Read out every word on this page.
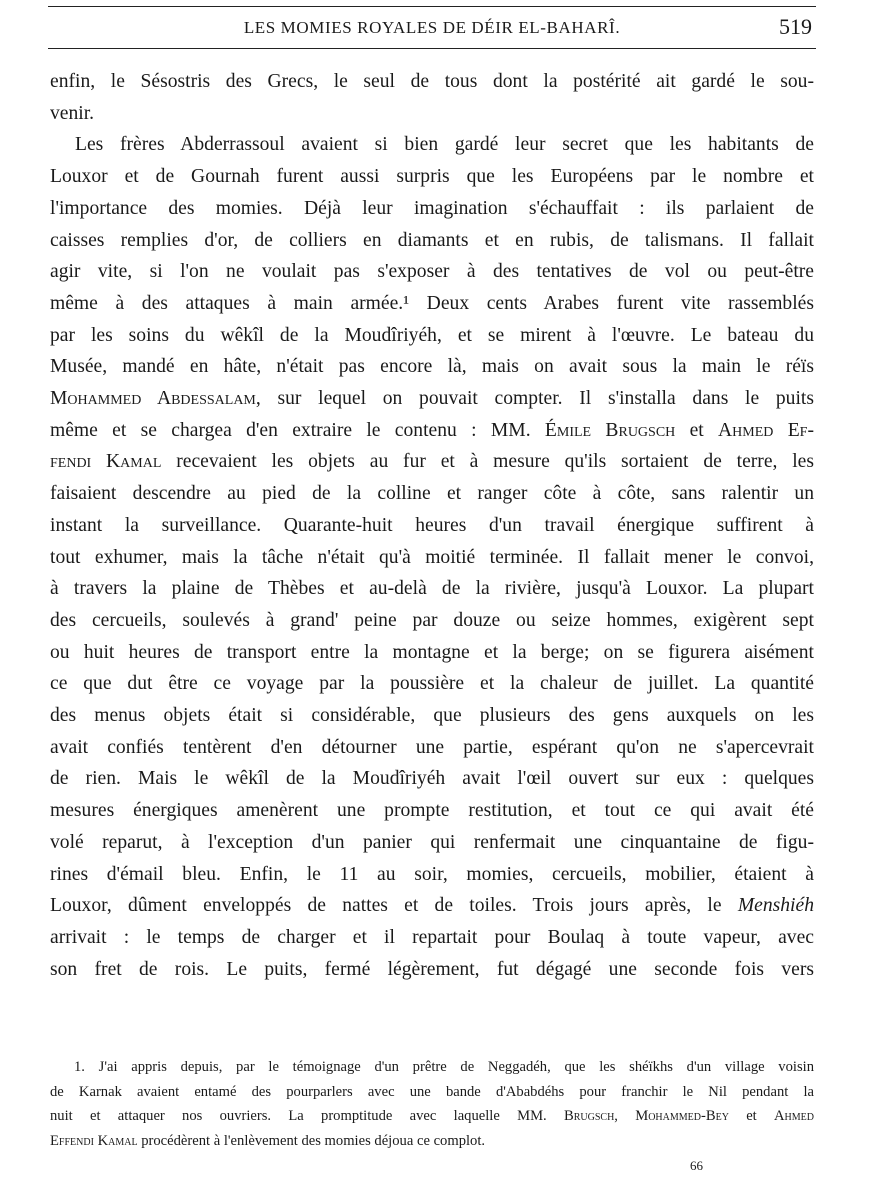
LES MOMIES ROYALES DE DÉIR EL-BAHARÎ.	519
enfin, le Sésostris des Grecs, le seul de tous dont la postérité ait gardé le sou-
venir.
Les frères Abderrassoul avaient si bien gardé leur secret que les habitants de
Louxor et de Gournah furent aussi surpris que les Européens par le nombre et
l'importance des momies. Déjà leur imagination s'échauffait : ils parlaient de
caisses remplies d'or, de colliers en diamants et en rubis, de talismans. Il fallait
agir vite, si l'on ne voulait pas s'exposer à des tentatives de vol ou peut-être
même à des attaques à main armée.¹ Deux cents Arabes furent vite rassemblés
par les soins du wêkîl de la Moudîriyéh, et se mirent à l'œuvre. Le bateau du
Musée, mandé en hâte, n'était pas encore là, mais on avait sous la main le réïs
Mohammed Abdessalam, sur lequel on pouvait compter. Il s'installa dans le puits
même et se chargea d'en extraire le contenu : MM. Émile Brugsch et Ahmed Ef-
fendi Kamal recevaient les objets au fur et à mesure qu'ils sortaient de terre, les
faisaient descendre au pied de la colline et ranger côte à côte, sans ralentir un
instant la surveillance. Quarante-huit heures d'un travail énergique suffirent à
tout exhumer, mais la tâche n'était qu'à moitié terminée. Il fallait mener le convoi,
à travers la plaine de Thèbes et au-delà de la rivière, jusqu'à Louxor. La plupart
des cercueils, soulevés à grand' peine par douze ou seize hommes, exigèrent sept
ou huit heures de transport entre la montagne et la berge; on se figurera aisément
ce que dut être ce voyage par la poussière et la chaleur de juillet. La quantité
des menus objets était si considérable, que plusieurs des gens auxquels on les
avait confiés tentèrent d'en détourner une partie, espérant qu'on ne s'apercevrait
de rien. Mais le wêkîl de la Moudîriyéh avait l'œil ouvert sur eux : quelques
mesures énergiques amenèrent une prompte restitution, et tout ce qui avait été
volé reparut, à l'exception d'un panier qui renfermait une cinquantaine de figu-
rines d'émail bleu. Enfin, le 11 au soir, momies, cercueils, mobilier, étaient à
Louxor, dûment enveloppés de nattes et de toiles. Trois jours après, le Menshiéh
arrivait : le temps de charger et il repartait pour Boulaq à toute vapeur, avec
son fret de rois. Le puits, fermé légèrement, fut dégagé une seconde fois vers
1. J'ai appris depuis, par le témoignage d'un prêtre de Neggadéh, que les shéïkhs d'un village voisin
de Karnak avaient entamé des pourparlers avec une bande d'Ababdéhs pour franchir le Nil pendant la
nuit et attaquer nos ouvriers. La promptitude avec laquelle MM. Brugsch, Mohammed-Bey et Ahmed
Effendi Kamal procédèrent à l'enlèvement des momies déjoua ce complot.
66
